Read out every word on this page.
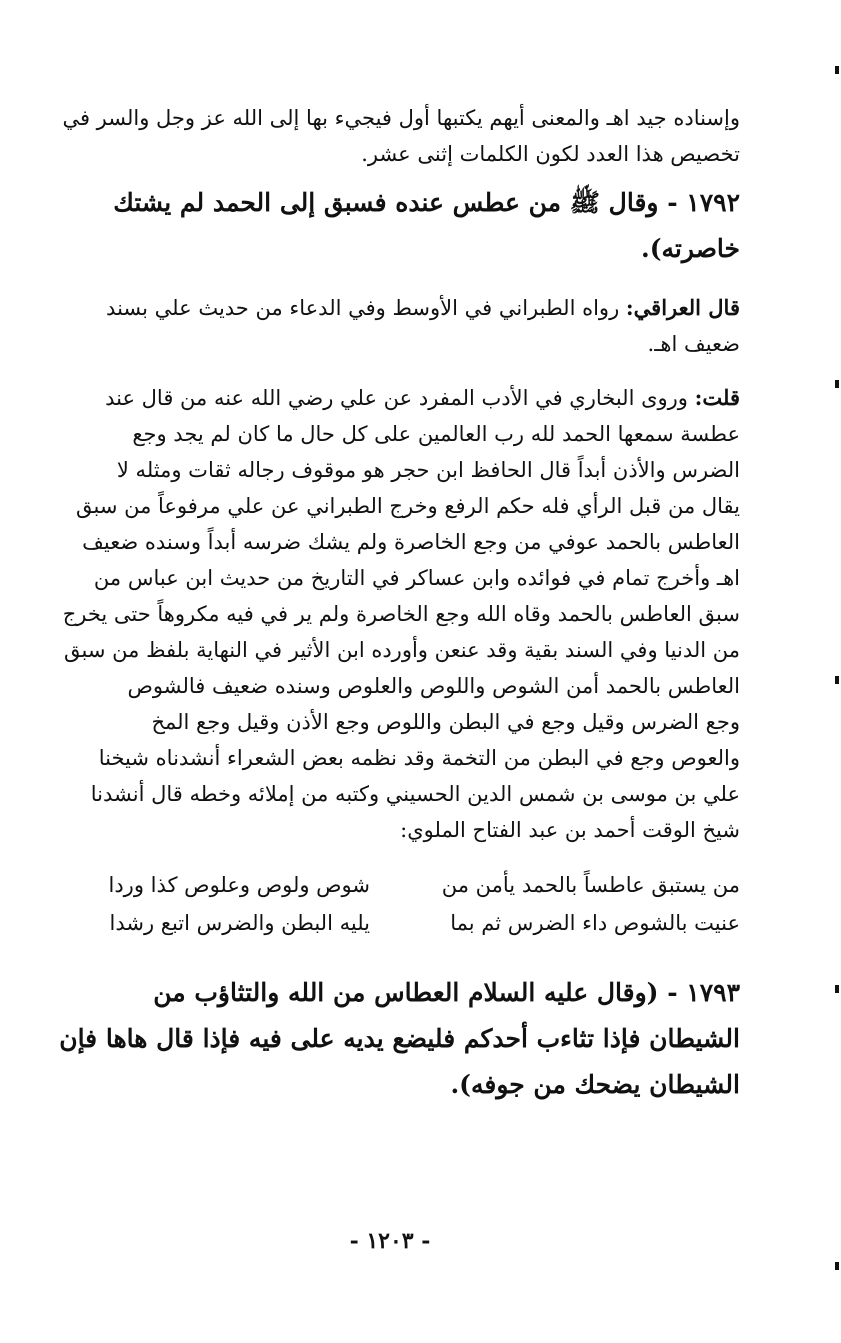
وإسناده جيد اهـ والمعنى أيهم يكتبها أول فيجيء بها إلى الله عز وجل والسر في
تخصيص هذا العدد لكون الكلمات إثنى عشر.
١٧٩٢ - وقال ﷺ من عطس عنده فسبق إلى الحمد لم يشتك
خاصرته).
قال العراقي: رواه الطبراني في الأوسط وفي الدعاء من حديث علي بسند
ضعيف اهـ.
قلت: وروى البخاري في الأدب المفرد عن علي رضي الله عنه من قال عند
عطسة سمعها الحمد لله رب العالمين على كل حال ما كان لم يجد وجع
الضرس والأذن أبداً قال الحافظ ابن حجر هو موقوف رجاله ثقات ومثله لا
يقال من قبل الرأي فله حكم الرفع وخرج الطبراني عن علي مرفوعاً من سبق
العاطس بالحمد عوفي من وجع الخاصرة ولم يشك ضرسه أبداً وسنده ضعيف
اهـ وأخرج تمام في فوائده وابن عساكر في التاريخ من حديث ابن عباس من
سبق العاطس بالحمد وقاه الله وجع الخاصرة ولم ير في فيه مكروهاً حتى يخرج
من الدنيا وفي السند بقية وقد عنعن وأورده ابن الأثير في النهاية بلفظ من سبق
العاطس بالحمد أمن الشوص واللوص والعلوص وسنده ضعيف فالشوص
وجع الضرس وقيل وجع في البطن واللوص وجع الأذن وقيل وجع المخ
والعوص وجع في البطن من التخمة وقد نظمه بعض الشعراء أنشدناه شيخنا
علي بن موسى بن شمس الدين الحسيني وكتبه من إملائه وخطه قال أنشدنا
شيخ الوقت أحمد بن عبد الفتاح الملوي:
من يستبق عاطساً بالحمد يأمن من
شوص ولوص وعلوص كذا وردا
عنيت بالشوص داء الضرس ثم بما
يليه البطن والضرس اتبع رشدا
١٧٩٣ - (وقال عليه السلام العطاس من الله والتثاؤب من
الشيطان فإذا تثاءب أحدكم فليضع يديه على فيه فإذا قال هاها فإن
الشيطان يضحك من جوفه).
- ١٢٠٣ -
